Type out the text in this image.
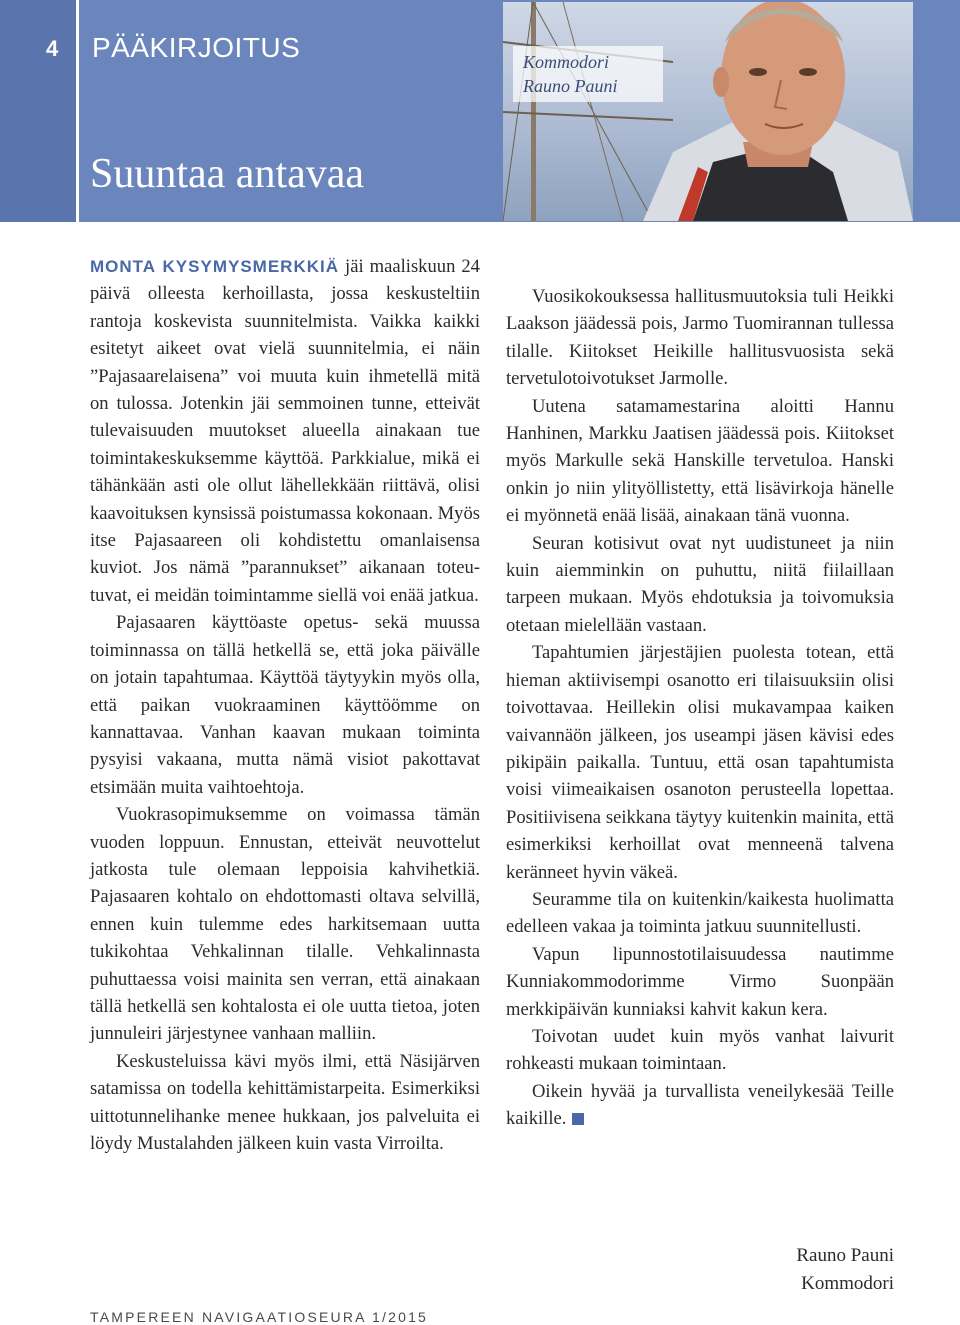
4 PÄÄKIRJOITUS
Suuntaa antavaa
Kommodori
Rauno Pauni

MONTA KYSYMYSMERKKIÄ jäi maaliskuun 24 päivä olleesta kerhoillasta, jossa keskusteltiin rantoja koskevista suunnitelmista. Vaikka kaikki esitetyt aikeet ovat vielä suunnitelmia, ei näin ”Pajasaarelaisena” voi muuta kuin ihmetellä mitä on tulossa. Jotenkin jäi semmoinen tunne, etteivät tulevaisuuden muutokset alueella ainakaan tue toimintakeskuksemme käyttöä. Parkkialue, mikä ei tähänkään asti ole ollut lähellekkään riittävä, olisi kaavoituksen kynsissä poistumassa kokonaan. Myös itse Pajasaareen oli kohdistettu omanlaisensa kuviot. Jos nämä ”parannukset” aikanaan toteutuvat, ei meidän toimintamme siellä voi enää jatkua.

Pajasaaren käyttöaste opetus- sekä muussa toiminnassa on tällä hetkellä se, että joka päivälle on jotain tapahtumaa. Käyttöä täytyykin myös olla, että paikan vuokraaminen käyttöömme on kannattavaa. Vanhan kaavan mukaan toiminta pysyisi vakaana, mutta nämä visiot pakottavat etsimään muita vaihtoehtoja.

Vuokrasopimuksemme on voimassa tämän vuoden loppuun. Ennustan, etteivät neuvottelut jatkosta tule olemaan leppoisia kahvihetkiä. Pajasaaren kohtalo on ehdottomasti oltava selvillä, ennen kuin tulemme edes harkitsemaan uutta tukikohtaa Vehkalinnan tilalle. Vehkalinnasta puhuttaessa voisi mainita sen verran, että ainakaan tällä hetkellä sen kohtalosta ei ole uutta tietoa, joten junnuleiri järjestynee vanhaan malliin.

Keskusteluissa kävi myös ilmi, että Näsijärven satamissa on todella kehittämistarpeita. Esimerkiksi uittotunnelihanke menee hukkaan, jos palveluita ei löydy Mustalahden jälkeen kuin vasta Virroilta.

Vuosikokouksessa hallitusmuutoksia tuli Heikki Laakson jäädessä pois, Jarmo Tuomirannan tullessa tilalle. Kiitokset Heikille hallitusvuosista sekä tervetulotoivotukset Jarmolle.

Uutena satamamestarina aloitti Hannu Hanhinen, Markku Jaatisen jäädessä pois. Kiitokset myös Markulle sekä Hanskille tervetuloa. Hanski onkin jo niin ylityöllistetty, että lisävirkoja hänelle ei myönnetä enää lisää, ainakaan tänä vuonna.

Seuran kotisivut ovat nyt uudistuneet ja niin kuin aiemminkin on puhuttu, niitä fiilaillaan tarpeen mukaan. Myös ehdotuksia ja toivomuksia otetaan mielellään vastaan.

Tapahtumien järjestäjien puolesta totean, että hieman aktiivisempi osanotto eri tilaisuuksiin olisi toivottavaa. Heillekin olisi mukavampaa kaiken vaivannäön jälkeen, jos useampi jäsen kävisi edes pikipäin paikalla. Tuntuu, että osan tapahtumista voisi viimeaikaisen osanoton perusteella lopettaa. Positiivisena seikkana täytyy kuitenkin mainita, että esimerkiksi kerhoillat ovat menneenä talvena keränneet hyvin väkeä.

Seuramme tila on kuitenkin/kaikesta huolimatta edelleen vakaa ja toiminta jatkuu suunnitellusti.

Vapun lipunnostotilaisuudessa nautimme Kunniakommodorimme Virmo Suonpään merkkipäivän kunniaksi kahvit kakun kera.

Toivotan uudet kuin myös vanhat laivurit rohkeasti mukaan toimintaan.

Oikein hyvää ja turvallista veneilykesää Teille kaikille.

Rauno Pauni
Kommodori
TAMPEREEN NAVIGAATIOSEURA 1/2015
